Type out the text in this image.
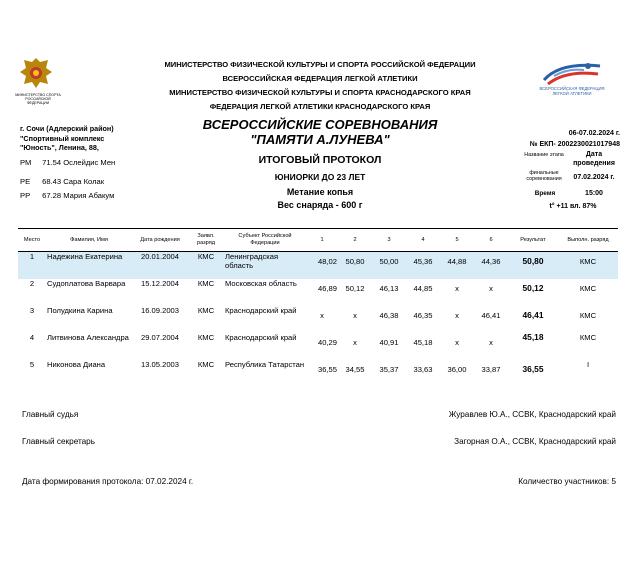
МИНИСТЕРСТВО ФИЗИЧЕСКОЙ КУЛЬТУРЫ И СПОРТА РОССИЙСКОЙ ФЕДЕРАЦИИ
ВСЕРОССИЙСКАЯ ФЕДЕРАЦИЯ ЛЕГКОЙ АТЛЕТИКИ
МИНИСТЕРСТВО ФИЗИЧЕСКОЙ КУЛЬТУРЫ И СПОРТА КРАСНОДАРСКОГО КРАЯ
ФЕДЕРАЦИЯ ЛЕГКОЙ АТЛЕТИКИ КРАСНОДАРСКОГО КРАЯ
МИНИСТЕРСТВО СПОРТА РОССИЙСКОЙ ФЕДЕРАЦИИ
ВСЕРОССИЙСКАЯ ФЕДЕРАЦИЯ ЛЕГКОЙ АТЛЕТИКИ
г. Сочи (Адлерский район)
"Спортивный комплекс
"Юность", Ленина, 88,
РМ 71.54 Ослейдис Мен
РЕ 68.43 Сара Колак
РР 67.28 Мария Абакум
ВСЕРОССИЙСКИЕ СОРЕВНОВАНИЯ
"ПАМЯТИ А.ЛУНЕВА"
ИТОГОВЫЙ ПРОТОКОЛ
ЮНИОРКИ ДО 23 ЛЕТ
Метание копья
Вес снаряда - 600 г
06-07.02.2024 г.
№ ЕКП- 2002230021017948
Название этапа	Дата проведения
финальные соревнования	07.02.2024 г.
Время	15:00
t° +11 вл. 87%
Место	Фамилия, Имя	Дата рождения	Заявл. разряд	Субъект Российской Федерации	1	2	3	4	5	6	Результат	Выполн. разряд
1	Надежина Екатерина	20.01.2004	КМС	Ленинградская область	48,02	50,80	50,00	45,36	44,88	44,36	50,80	КМС
2	Судоплатова Варвара	15.12.2004	КМС	Московская область	46,89	50,12	46,13	44,85	x	x	50,12	КМС
3	Полудкина Карина	16.09.2003	КМС	Краснодарский край	x	x	46,38	46,35	x	46,41	46,41	КМС
4	Литвинова Александра	29.07.2004	КМС	Краснодарский край	40,29	x	40,91	45,18	x	x	45,18	КМС
5	Никонова Диана	13.05.2003	КМС	Республика Татарстан	36,55	34,55	35,37	33,63	36,00	33,87	36,55	I
Главный судья	Журавлев Ю.А., ССВК, Краснодарский край
Главный секретарь	Загорная О.А., ССВК, Краснодарский край
Дата формирования протокола: 07.02.2024 г.	Количество участников: 5
